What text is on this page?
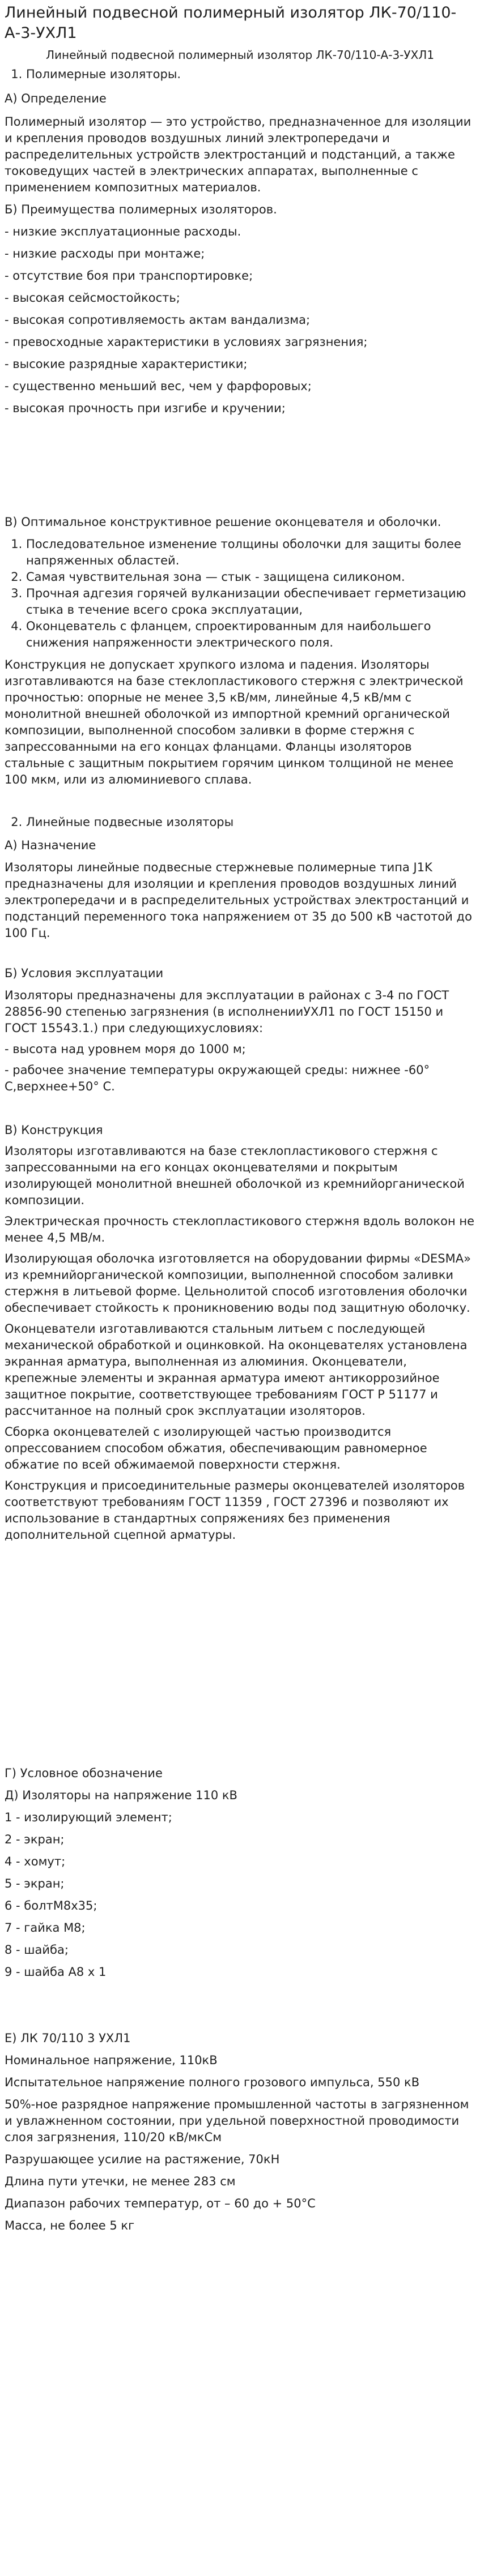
Линейный подвесной полимерный изолятор ЛК-70/110-А-3-УХЛ1
Линейный подвесной полимерный изолятор ЛК-70/110-А-3-УХЛ1
1. Полимерные изоляторы.

А) Определение

Полимерный изолятор — это устройство, предназначенное для изоляции и крепления проводов воздушных линий электропередачи и распределительных устройств электростанций и подстанций, а также токоведущих частей в электрических аппаратах, выполненные с применением композитных материалов.

Б) Преимущества полимерных изоляторов.

- низкие эксплуатационные расходы.

- низкие расходы при монтаже;

- отсутствие боя при транспортировке;

- высокая сейсмостойкость;

- высокая сопротивляемость актам вандализма;

- превосходные характеристики в условиях загрязнения;

- высокие разрядные характеристики;

- существенно меньший вес, чем у фарфоровых;

- высокая прочность при изгибе и кручении;

В) Оптимальное конструктивное решение оконцевателя и оболочки.

1. Последовательное изменение толщины оболочки для защиты более напряженных областей.
2. Самая чувствительная зона — стык - защищена силиконом.
3. Прочная адгезия горячей вулканизации обеспечивает герметизацию стыка в течение всего срока эксплуатации,
4. Оконцеватель с фланцем, спроектированным для наибольшего снижения напряженности электрического поля.

Конструкция не допускает хрупкого излома и падения. Изоляторы изготавливаются на базе стеклопластикового стержня с электрической прочностью: опорные не менее 3,5 кВ/мм, линейные 4,5 кВ/мм с монолитной внешней оболочкой из импортной кремний органической композиции, выполненной способом заливки в форме стержня с запрессованными на его концах фланцами. Фланцы изоляторов стальные с защитным покрытием горячим цинком толщиной не менее 100 мкм, или из алюминиевого сплава.

2. Линейные подвесные изоляторы

А) Назначение

Изоляторы линейные подвесные стержневые полимерные типа J1K предназначены для изоляции и крепления проводов воздушных линий электропередачи и в распределительных устройствах электростанций и подстанций переменного тока напряжением от 35 до 500 кВ частотой до 100 Гц.

Б) Условия эксплуатации

Изоляторы предназначены для эксплуатации в районах с 3-4 по ГОСТ 28856-90 степенью загрязнения (в исполненииУХЛ1 по ГОСТ 15150 и ГОСТ 15543.1.) при следующихусловиях:

- высота над уровнем моря до 1000 м;

- рабочее значение температуры окружающей среды: нижнее -60° С,верхнее+50° С.

В) Конструкция

Изоляторы изготавливаются на базе стеклопластикового стержня с запрессованными на его концах оконцевателями и покрытым изолирующей монолитной внешней оболочкой из кремнийорганической композиции.

Электрическая прочность стеклопластикового стержня вдоль волокон не менее 4,5 МВ/м.

Изолирующая оболочка изготовляется на оборудовании фирмы «DESMA» из кремнийорганической композиции, выполненной способом заливки стержня в литьевой форме. Цельнолитой способ изготовления оболочки обеспечивает стойкость к проникновению воды под защитную оболочку.

Оконцеватели изготавливаются стальным литьем с последующей механической обработкой и оцинковкой. На оконцевателях установлена экранная арматура, выполненная из алюминия. Оконцеватели, крепежные элементы и экранная арматура имеют антикоррозийное защитное покрытие, соответствующее требованиям ГОСТ Р 51177 и рассчитанное на полный срок эксплуатации изоляторов.

Сборка оконцевателей с изолирующей частью производится опрессованием способом обжатия, обеспечивающим равномерное обжатие по всей обжимаемой поверхности стержня.

Конструкция и присоединительные размеры оконцевателей изоляторов соответствуют требованиям ГОСТ 11359 , ГОСТ 27396 и позволяют их использование в стандартных сопряжениях без применения дополнительной сцепной арматуры.

Г) Условное обозначение

Д) Изоляторы на напряжение 110 кВ

1 - изолирующий элемент;

2 - экран;

4 - хомут;

5 - экран;

6 - болтМ8х35;

7 - гайка М8;

8 - шайба;

9 - шайба А8 х 1

Е) ЛК 70/110 3 УХЛ1

Номинальное напряжение, 110кВ

Испытательное напряжение полного грозового импульса, 550 кВ

50%-ное разрядное напряжение промышленной частоты в загрязненном и увлажненном состоянии, при удельной поверхностной проводимости слоя загрязнения, 110/20 кВ/мкСм

Разрушающее усилие на растяжение, 70кН

Длина пути утечки, не менее 283 см

Диапазон рабочих температур, от – 60 до + 50°С

Масса, не более 5 кг
